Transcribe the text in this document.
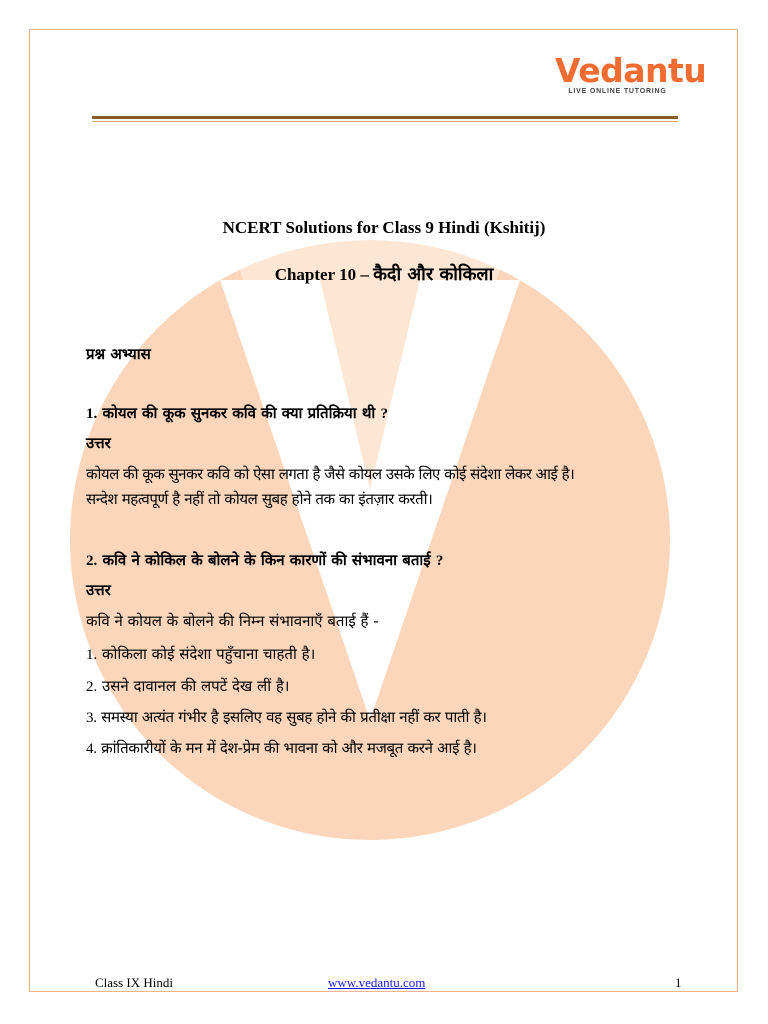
Vedantu
LIVE ONLINE TUTORING
NCERT Solutions for Class 9 Hindi (Kshitij)
Chapter 10 – कैदी और कोकिला
प्रश्न अभ्यास
1. कोयल की कूक सुनकर कवि की क्या प्रतिक्रिया थी ?
उत्तर
कोयल की कूक सुनकर कवि को ऐसा लगता है जैसे कोयल उसके लिए कोई संदेशा लेकर आई है।
सन्देश महत्वपूर्ण है नहीं तो कोयल सुबह होने तक का इंतज़ार करती।
2. कवि ने कोकिल के बोलने के किन कारणों की संभावना बताई ?
उत्तर
कवि ने कोयल के बोलने की निम्न संभावनाएँ बताई हैं -
1. कोकिला कोई संदेशा पहुँचाना चाहती है।
2. उसने दावानल की लपटें देख लीं है।
3. समस्या अत्यंत गंभीर है इसलिए वह सुबह होने की प्रतीक्षा नहीं कर पाती है।
4. क्रांतिकारीयों के मन में देश-प्रेम की भावना को और मजबूत करने आई है।
Class IX Hindi	www.vedantu.com	1
